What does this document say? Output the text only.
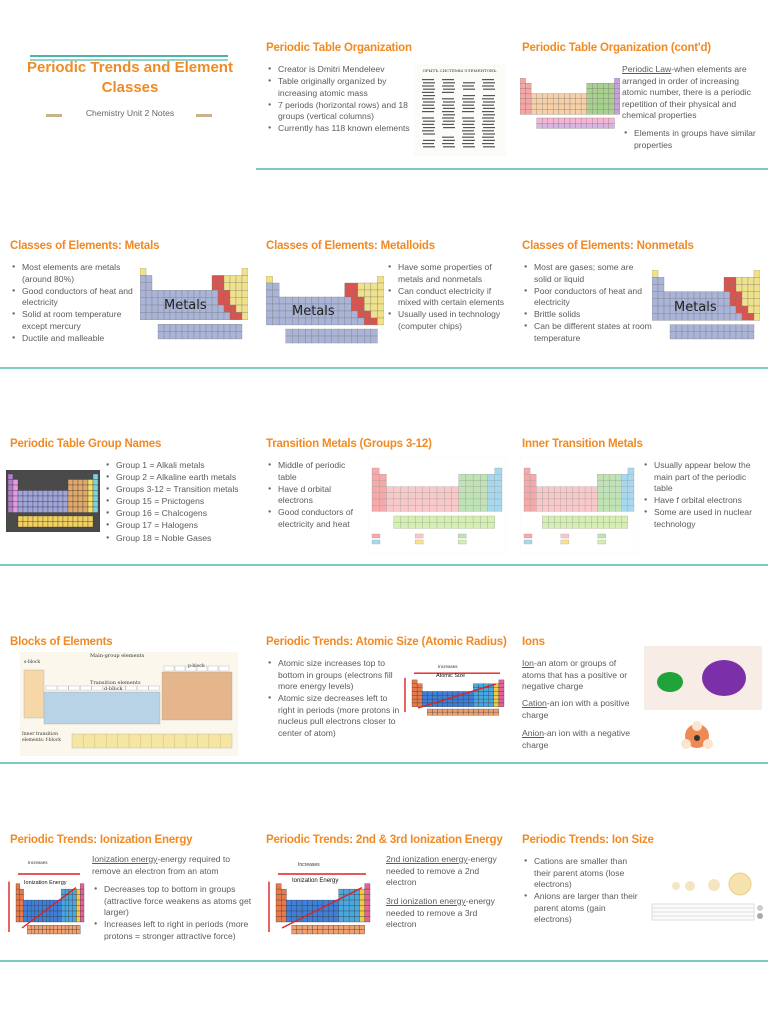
Periodic Trends and Element Classes
Chemistry Unit 2 Notes
Periodic Table Organization
● Creator is Dmitri Mendeleev
● Table originally organized by increasing atomic mass
● 7 periods (horizontal rows) and 18 groups (vertical columns)
● Currently has 118 known elements
OPЫТЪ СИСТЕМЫ ЭЛЕМЕНТОВЪ.
Periodic Table Organization (cont'd)

Periodic Law-when elements are arranged in order of increasing atomic number, there is a periodic repetition of their physical and chemical properties

● Elements in groups have similar properties
Classes of Elements: Metals
● Most elements are metals (around 80%)
● Good conductors of heat and electricity
● Solid at room temperature except mercury
● Ductile and malleable
Metals
Classes of Elements: Metalloids
Metals
● Have some properties of metals and nonmetals
● Can conduct electricity if mixed with certain elements
● Usually used in technology (computer chips)
Classes of Elements: Nonmetals
● Most are gases; some are solid or liquid
● Poor conductors of heat and electricity
● Brittle solids
● Can be different states at room temperature
Metals
Periodic Table Group Names
● Group 1 = Alkali metals
● Group 2 = Alkaline earth metals
● Groups 3-12 = Transition metals
● Group 15 = Pnictogens
● Group 16 = Chalcogens
● Group 17 = Halogens
● Group 18 = Noble Gases
Transition Metals (Groups 3-12)
● Middle of periodic table
● Have d orbital electrons
● Good conductors of electricity and heat
Inner Transition Metals
● Usually appear below the main part of the periodic table
● Have f orbital electrons
● Some are used in nuclear technology
Blocks of Elements
Main-group elements
Transition elements
d-block
s-block
p-block
Inner transition elements: f-block
Periodic Trends: Atomic Size (Atomic Radius)
● Atomic size increases top to bottom in groups (electrons fill more energy levels)
● Atomic size decreases left to right in periods (more protons in nucleus pull electrons closer to center of atom)
Increases
Atomic Size
Ions

Ion-an atom or groups of atoms that has a positive or negative charge

Cation-an ion with a positive charge

Anion-an ion with a negative charge

Periodic Trends: Ionization Energy
Increases
Ionization Energy

Ionization energy-energy required to remove an electron from an atom

● Decreases top to bottom in groups (attractive force weakens as atoms get larger)
● Increases left to right in periods (more protons = stronger attractive force)
Periodic Trends: 2nd & 3rd Ionization Energy
Increases
Ionization Energy

2nd ionization energy-energy needed to remove a 2nd electron

3rd ionization energy-energy needed to remove a 3rd electron

Periodic Trends: Ion Size
● Cations are smaller than their parent atoms (lose electrons)
● Anions are larger than their parent atoms (gain electrons)
